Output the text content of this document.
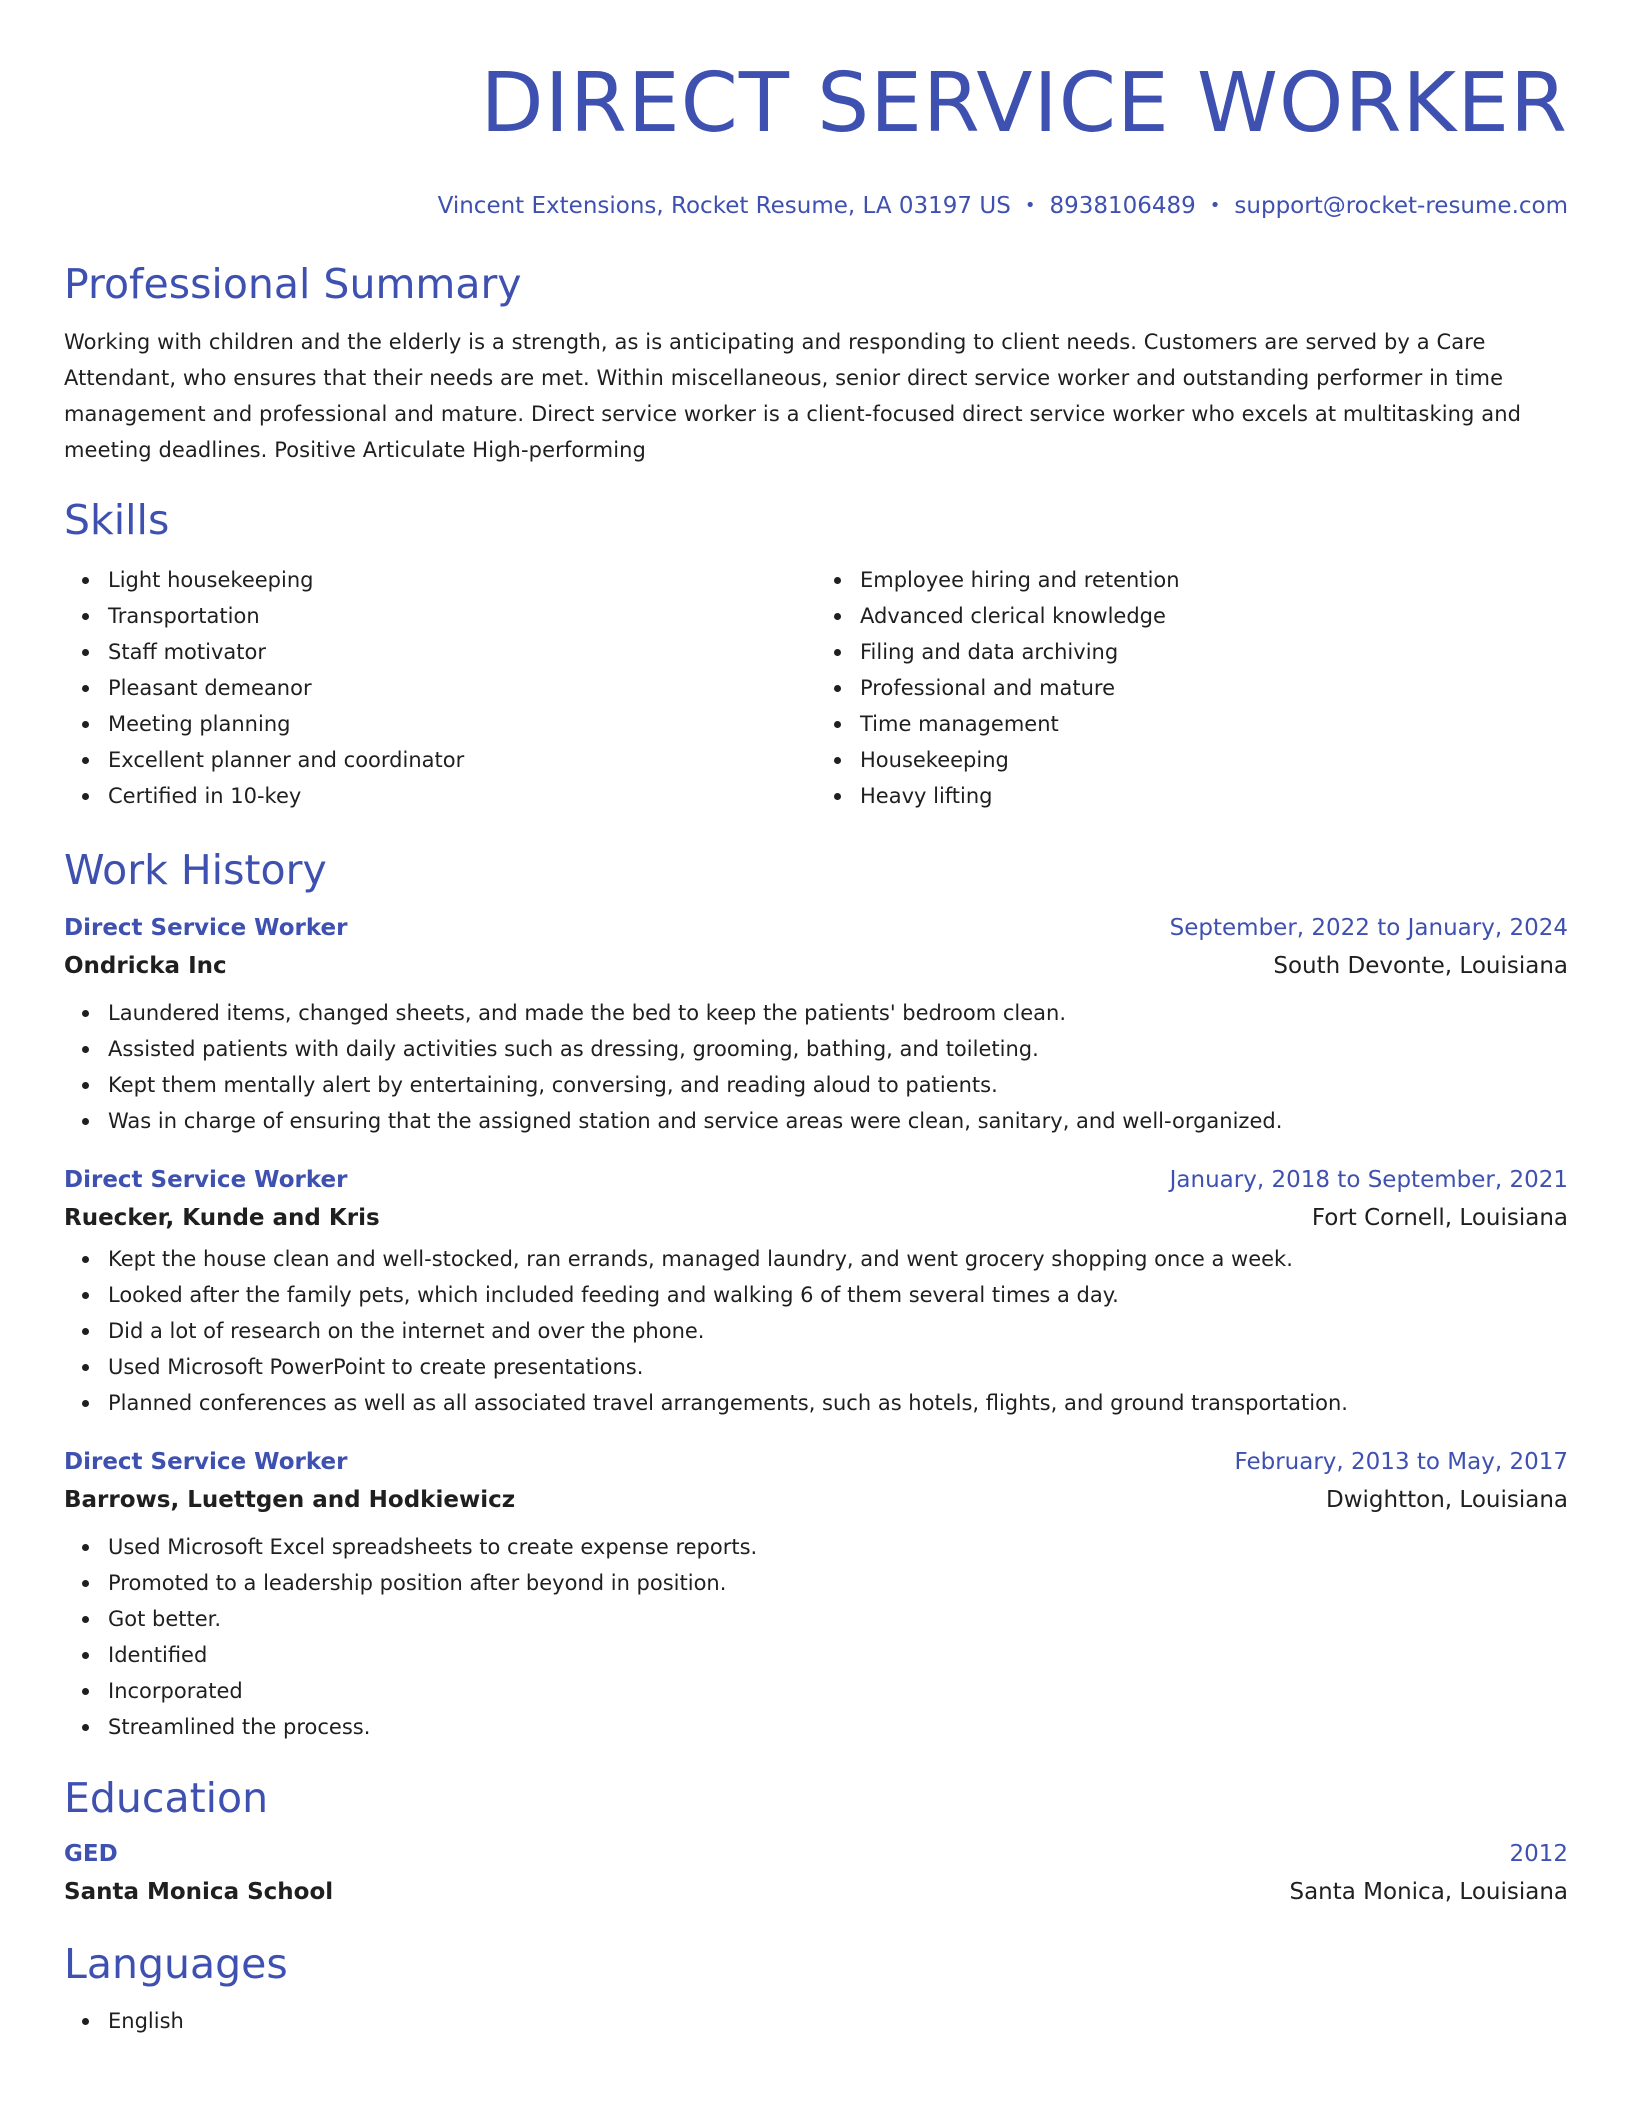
DIRECT SERVICE WORKER
Vincent Extensions, Rocket Resume, LA 03197 US • 8938106489 • support@rocket-resume.com
Professional Summary
Working with children and the elderly is a strength, as is anticipating and responding to client needs. Customers are served by a Care Attendant, who ensures that their needs are met. Within miscellaneous, senior direct service worker and outstanding performer in time management and professional and mature. Direct service worker is a client-focused direct service worker who excels at multitasking and meeting deadlines. Positive Articulate High-performing
Skills
Light housekeeping
Transportation
Staff motivator
Pleasant demeanor
Meeting planning
Excellent planner and coordinator
Certified in 10-key
Employee hiring and retention
Advanced clerical knowledge
Filing and data archiving
Professional and mature
Time management
Housekeeping
Heavy lifting
Work History
Direct Service Worker	September, 2022 to January, 2024
Ondricka Inc	South Devonte, Louisiana
Laundered items, changed sheets, and made the bed to keep the patients' bedroom clean.
Assisted patients with daily activities such as dressing, grooming, bathing, and toileting.
Kept them mentally alert by entertaining, conversing, and reading aloud to patients.
Was in charge of ensuring that the assigned station and service areas were clean, sanitary, and well-organized.
Direct Service Worker	January, 2018 to September, 2021
Ruecker, Kunde and Kris	Fort Cornell, Louisiana
Kept the house clean and well-stocked, ran errands, managed laundry, and went grocery shopping once a week.
Looked after the family pets, which included feeding and walking 6 of them several times a day.
Did a lot of research on the internet and over the phone.
Used Microsoft PowerPoint to create presentations.
Planned conferences as well as all associated travel arrangements, such as hotels, flights, and ground transportation.
Direct Service Worker	February, 2013 to May, 2017
Barrows, Luettgen and Hodkiewicz	Dwightton, Louisiana
Used Microsoft Excel spreadsheets to create expense reports.
Promoted to a leadership position after beyond in position.
Got better.
Identified
Incorporated
Streamlined the process.
Education
GED	2012
Santa Monica School	Santa Monica, Louisiana
Languages
English
